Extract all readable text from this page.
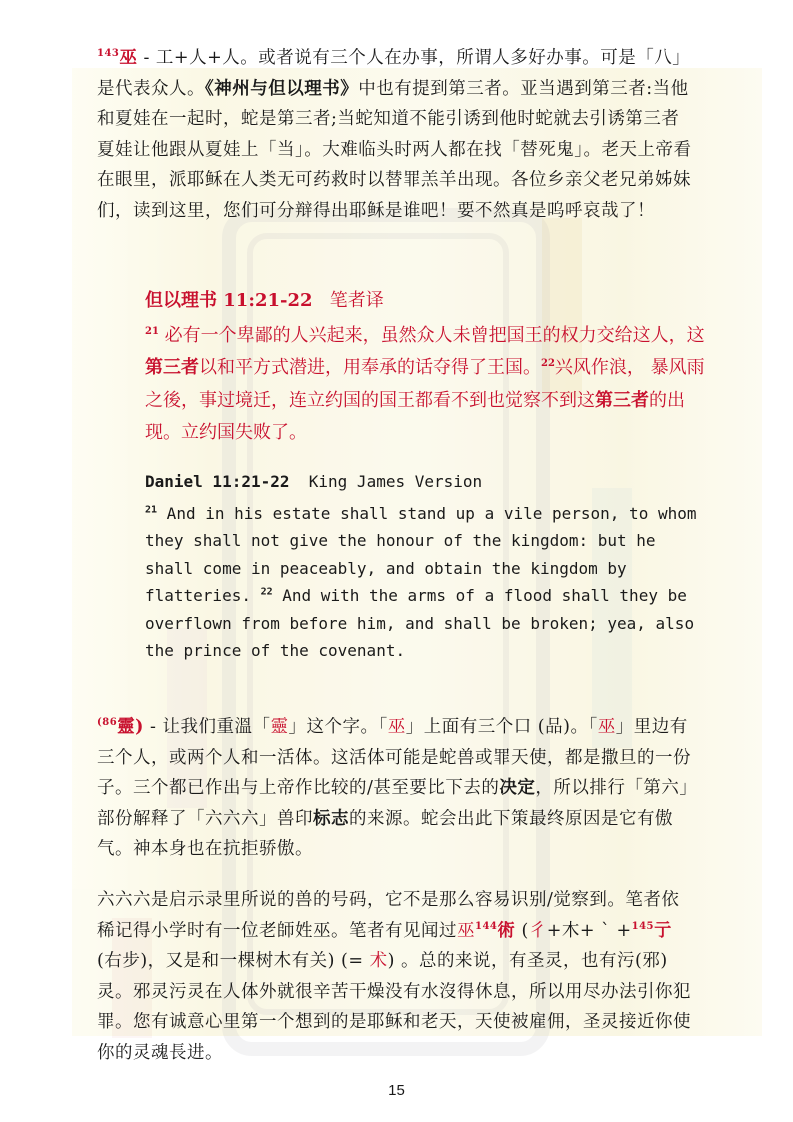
$^{143}$巫 - 工+人+人。或者说有三个人在办事，所谓人多好办事。可是「八」是代表众人。《神州与但以理书》中也有提到第三者。亚当遇到第三者:当他和夏娃在一起时，蛇是第三者;当蛇知道不能引诱到他时蛇就去引诱第三者夏娃让他跟从夏娃上「当」。大难临头时两人都在找「替死鬼」。老天上帝看在眼里，派耶稣在人类无可药救时以替罪羔羊出现。各位乡亲父老兄弟姊妹们，读到这里，您们可分辩得出耶稣是谁吧！要不然真是呜呼哀哉了！

但以理书 11:21-22 笔者译

$^{21}$ 必有一个卑鄙的人兴起来，虽然众人未曾把国王的权力交给这人，这第三者以和平方式潜进，用奉承的话夺得了王国。$^{22}$兴风作浪， 暴风雨之後，事过境迁，连立约国的国王都看不到也觉察不到这第三者的出现。立约国失败了。

Daniel 11:21-22 King James Version

$^{21}$ And in his estate shall stand up a vile person, to whom they shall not give the honour of the kingdom: but he shall come in peaceably, and obtain the kingdom by flatteries. $^{22}$ And with the arms of a flood shall they be overflown from before him, and shall be broken; yea, also the prince of the covenant.

$^{(86}$靈) - 让我们重溫「靈」这个字。「巫」上面有三个口 (品)。「巫」里边有三个人，或两个人和一活体。这活体可能是蛇兽或罪天使，都是撒旦的一份子。三个都已作出与上帝作比较的/甚至要比下去的决定，所以排行「第六」部份解释了「六六六」兽印标志的来源。蛇会出此下策最终原因是它有傲气。神本身也在抗拒骄傲。

六六六是启示录里所说的兽的号码，它不是那么容易识别/觉察到。笔者依稀记得小学时有一位老師姓巫。笔者有见闻过巫$^{144}$術 (彳+木+ ` +$^{145}$亍(右步)，又是和一棵树木有关) (= 术) 。总的来说，有圣灵，也有污(邪)灵。邪灵污灵在人体外就很辛苦干燥没有水沒得休息，所以用尽办法引你犯罪。您有诚意心里第一个想到的是耶稣和老天，天使被雇佣，圣灵接近你使你的灵魂長进。

15
